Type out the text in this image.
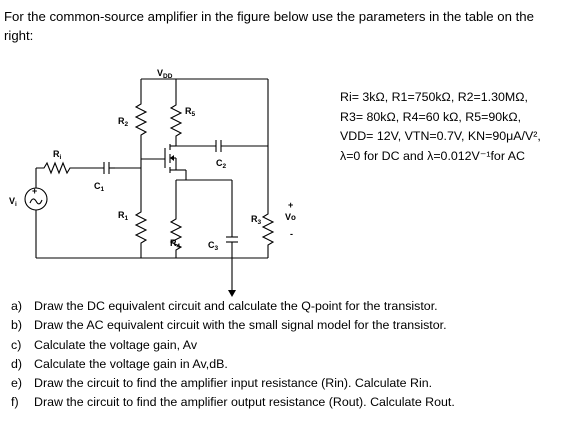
For the common-source amplifier in the figure below use the parameters in the table on the right:

+
$V_{DD}$
$R_2$
$R_5$
$R_i$
$C_1$
$C_2$
$R_1$	$R_3$
$R_4$	$C_3$
$V_i$	+
Vo
-
Ri= 3kΩ, R1=750kΩ, R2=1.30MΩ,
R3= 80kΩ, R4=60 kΩ, R5=90kΩ,
VDD= 12V, VTN=0.7V, KN=90μA/V²,
λ=0 for DC and λ=0.012V⁻¹for AC
a) Draw the DC equivalent circuit and calculate the Q-point for the transistor.
b) Draw the AC equivalent circuit with the small signal model for the transistor.
c) Calculate the voltage gain, Av
d) Calculate the voltage gain in Av,dB.
e) Draw the circuit to find the amplifier input resistance (Rin). Calculate Rin.
f) Draw the circuit to find the amplifier output resistance (Rout). Calculate Rout.
